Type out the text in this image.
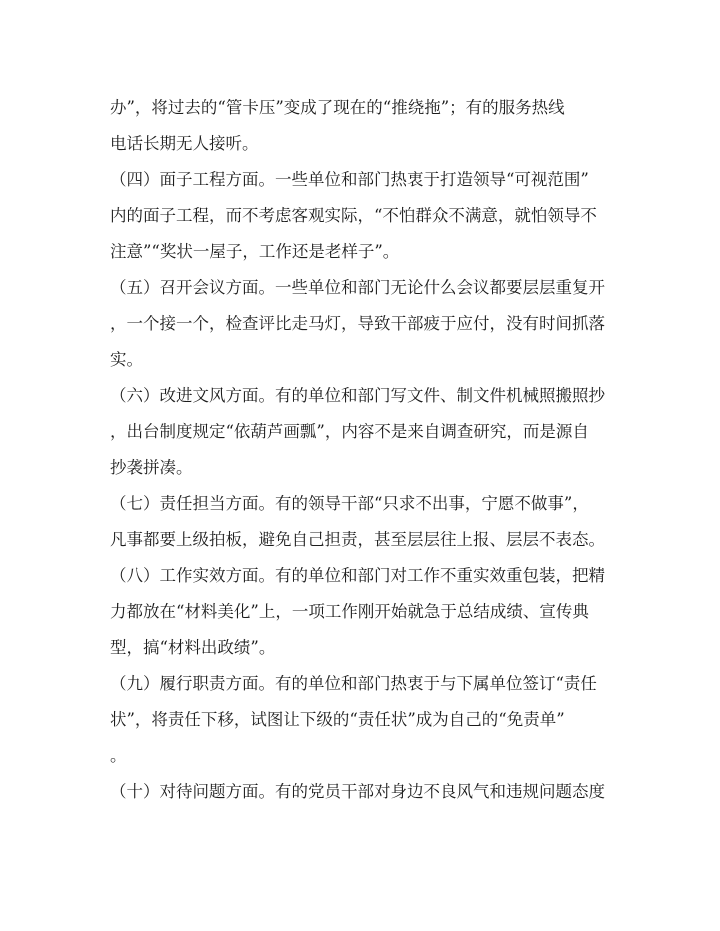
办”，将过去的“管卡压”变成了现在的“推绕拖”；有的服务热线
电话长期无人接听。
（四）面子工程方面。一些单位和部门热衷于打造领导“可视范围”
内的面子工程，而不考虑客观实际，“不怕群众不满意，就怕领导不
注意”“奖状一屋子，工作还是老样子”。
（五）召开会议方面。一些单位和部门无论什么会议都要层层重复开
，一个接一个，检查评比走马灯，导致干部疲于应付，没有时间抓落
实。
（六）改进文风方面。有的单位和部门写文件、制文件机械照搬照抄
，出台制度规定“依葫芦画瓢”，内容不是来自调查研究，而是源自
抄袭拼凑。
（七）责任担当方面。有的领导干部“只求不出事，宁愿不做事”，
凡事都要上级拍板，避免自己担责，甚至层层往上报、层层不表态。
（八）工作实效方面。有的单位和部门对工作不重实效重包装，把精
力都放在“材料美化”上，一项工作刚开始就急于总结成绩、宣传典
型，搞“材料出政绩”。
（九）履行职责方面。有的单位和部门热衷于与下属单位签订“责任
状”，将责任下移，试图让下级的“责任状”成为自己的“免责单”
。
（十）对待问题方面。有的党员干部对身边不良风气和违规问题态度
